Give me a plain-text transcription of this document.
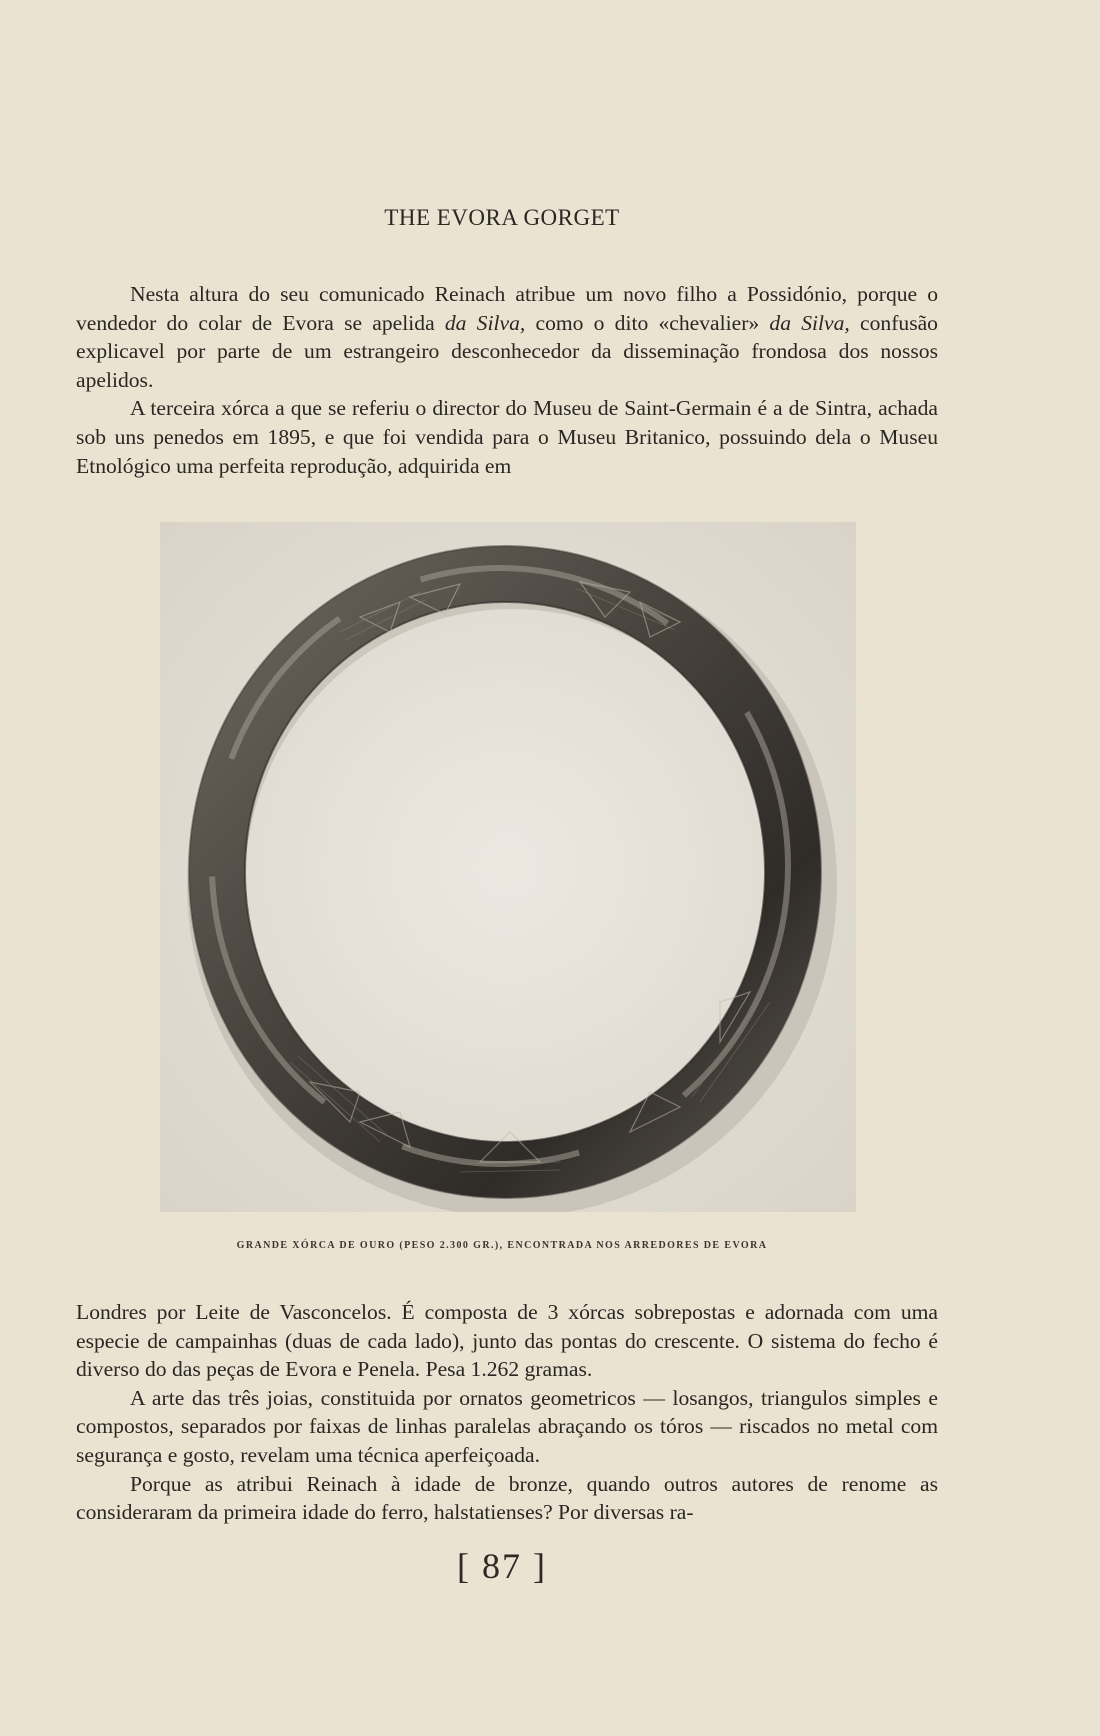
THE EVORA GORGET

Nesta altura do seu comunicado Reinach atribue um novo filho a Possidónio, porque o vendedor do colar de Evora se apelida da Silva, como o dito «chevalier» da Silva, confusão explicavel por parte de um estrangeiro desconhecedor da disseminação frondosa dos nossos apelidos.

A terceira xórca a que se referiu o director do Museu de Saint-Germain é a de Sintra, achada sob uns penedos em 1895, e que foi vendida para o Museu Britanico, possuindo dela o Museu Etnológico uma perfeita reprodução, adquirida em

GRANDE XÓRCA DE OURO (PESO 2.300 GR.), ENCONTRADA NOS ARREDORES DE EVORA

Londres por Leite de Vasconcelos. É composta de 3 xórcas sobrepostas e adornada com uma especie de campainhas (duas de cada lado), junto das pontas do crescente. O sistema do fecho é diverso do das peças de Evora e Penela. Pesa 1.262 gramas.

A arte das três joias, constituida por ornatos geometricos — losangos, triangulos simples e compostos, separados por faixas de linhas paralelas abraçando os tóros — riscados no metal com segurança e gosto, revelam uma técnica aperfeiçoada.

Porque as atribui Reinach à idade de bronze, quando outros autores de renome as consideraram da primeira idade do ferro, halstatienses? Por diversas ra-

[ 87 ]
